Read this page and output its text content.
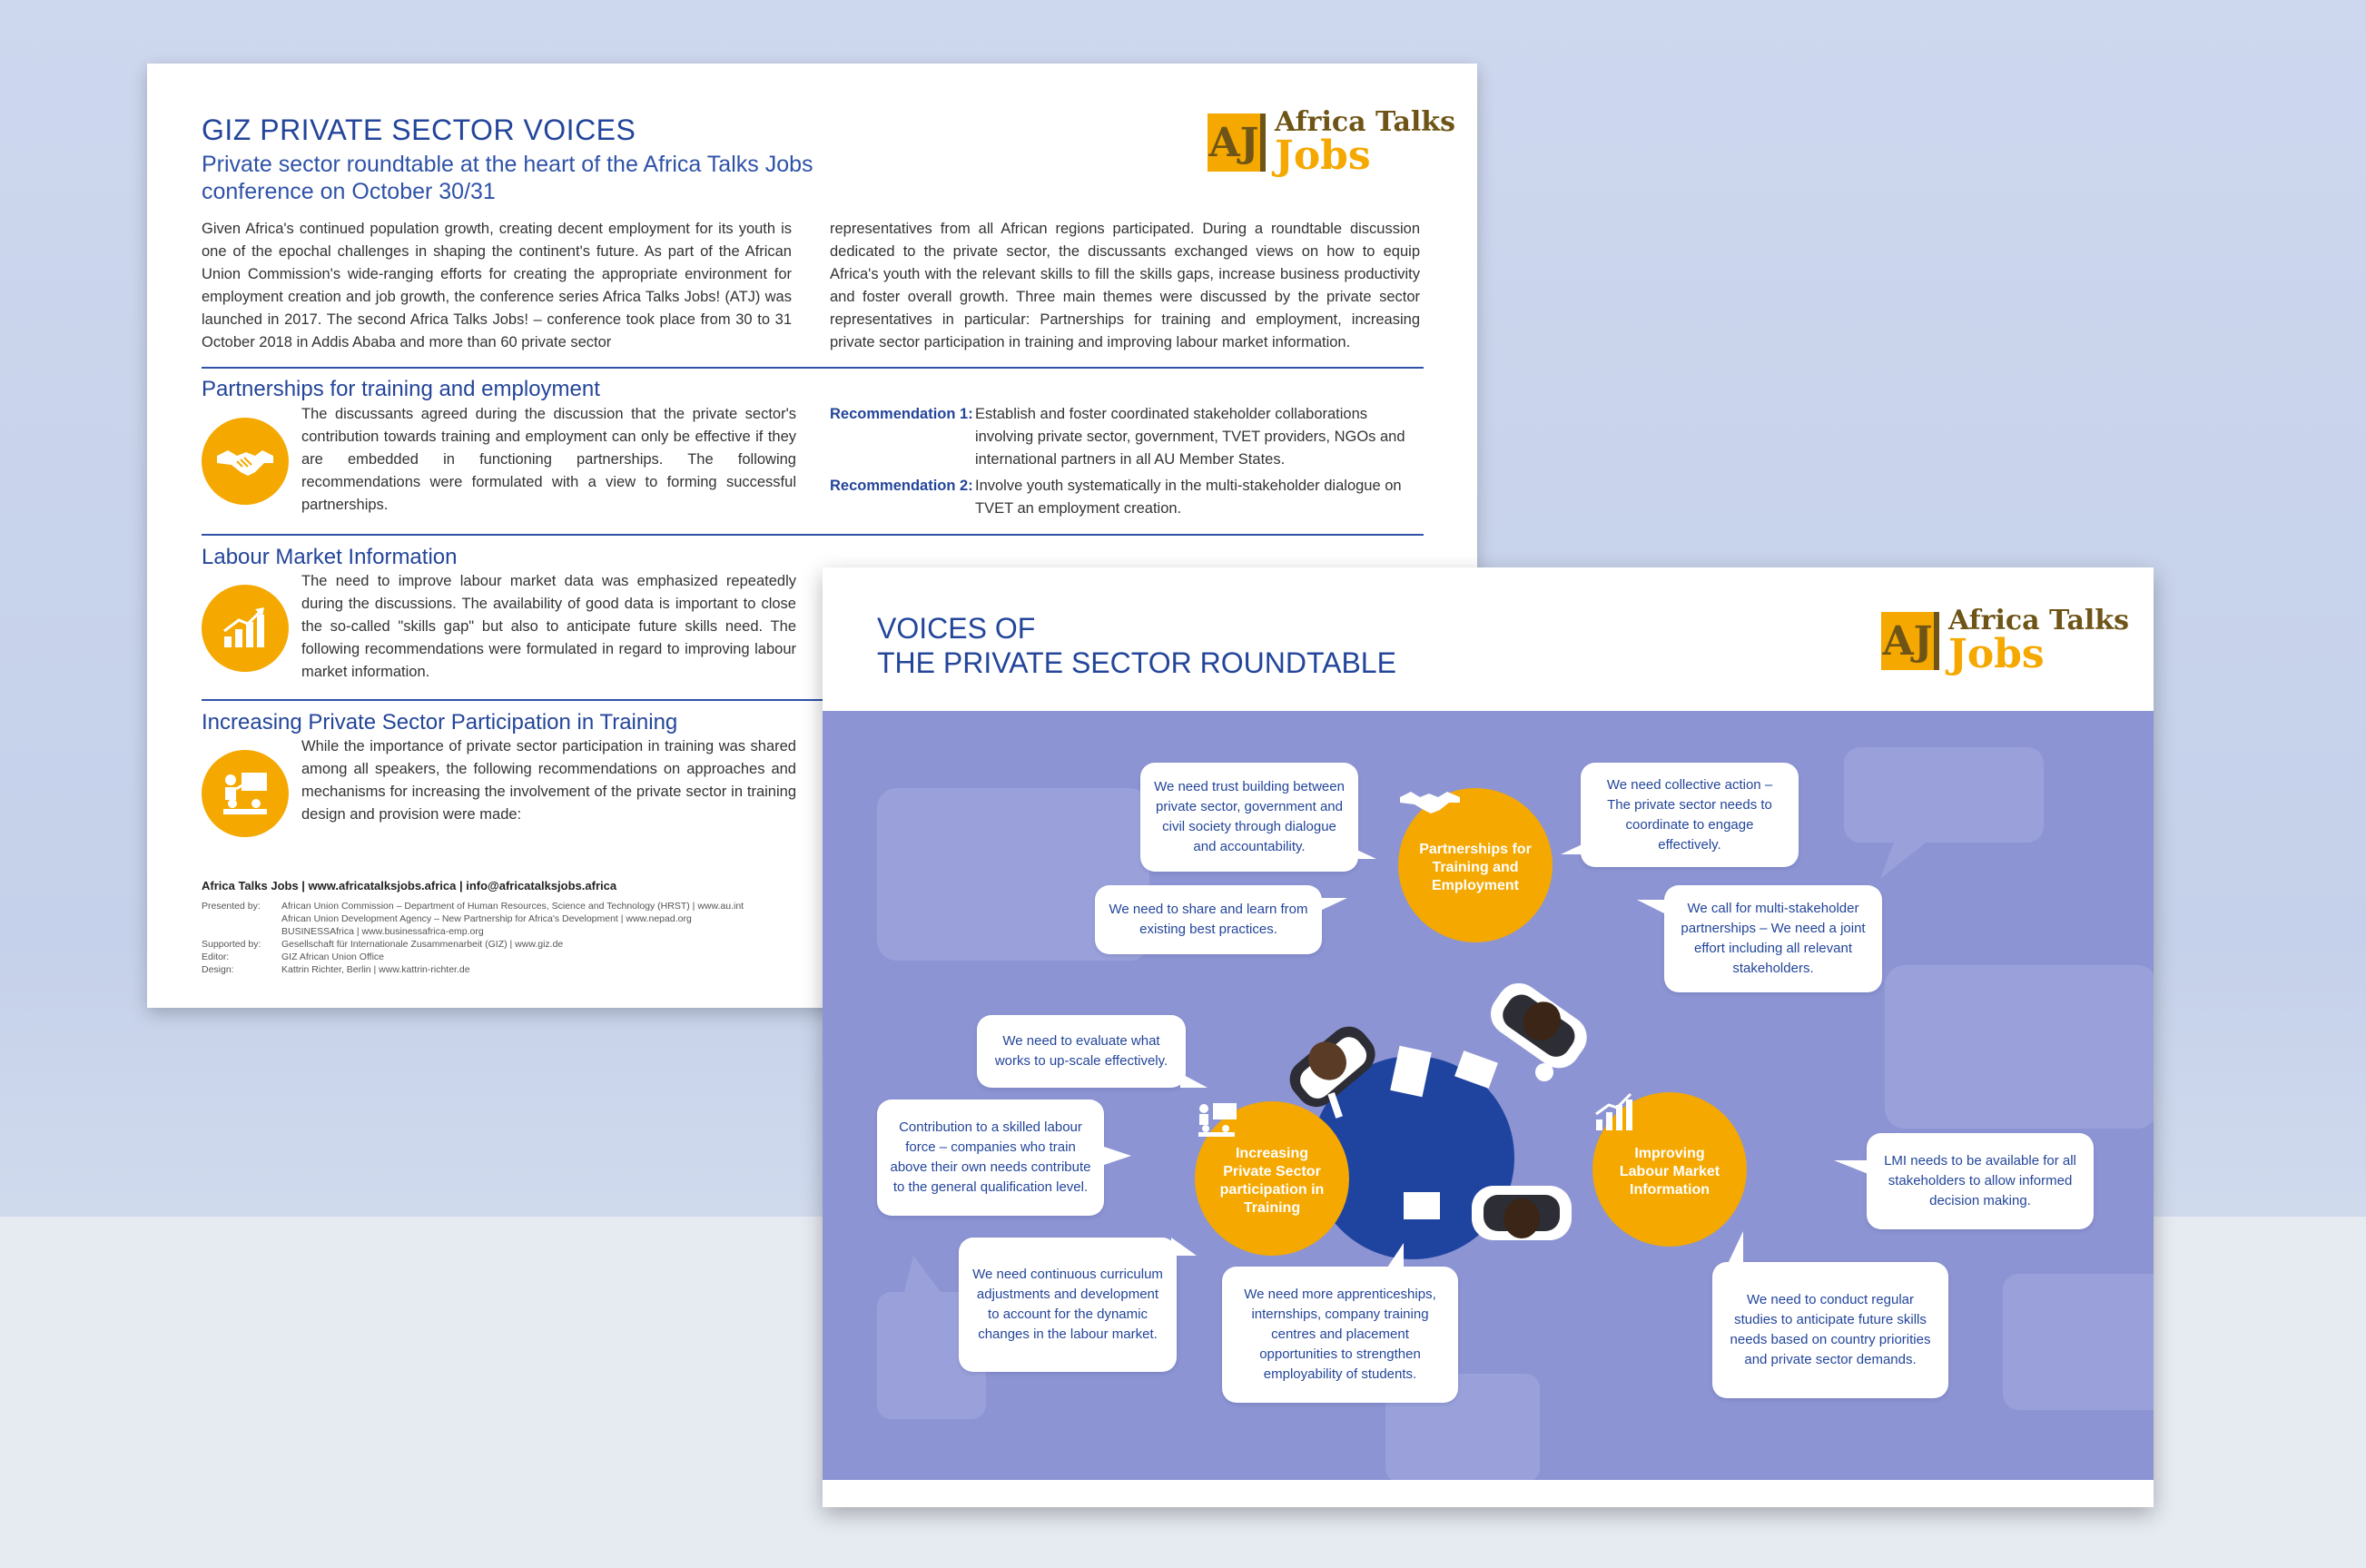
GIZ PRIVATE SECTOR VOICES
Private sector roundtable at the heart of the Africa Talks Jobs conference on October 30/31
AJ Africa Talks
Jobs
Given Africa's continued population growth, creating decent employment for its youth is one of the epochal challenges in shaping the continent's future. As part of the African Union Commission's wide-ranging efforts for creating the appropriate environment for employment creation and job growth, the conference series Africa Talks Jobs! (ATJ) was launched in 2017. The second Africa Talks Jobs! – conference took place from 30 to 31 October 2018 in Addis Ababa and more than 60 private sector
representatives from all African regions participated. During a roundtable discussion dedicated to the private sector, the discussants exchanged views on how to equip Africa's youth with the relevant skills to fill the skills gaps, increase business productivity and foster overall growth. Three main themes were discussed by the private sector representatives in particular: Partnerships for training and employment, increasing private sector participation in training and improving labour market information.
Partnerships for training and employment
The discussants agreed during the discussion that the private sector's contribution towards training and employment can only be effective if they are embedded in functioning partnerships. The following recommendations were formulated with a view to forming successful partnerships.
Recommendation 1: Establish and foster coordinated stakeholder collaborations involving private sector, government, TVET providers, NGOs and international partners in all AU Member States.
Recommendation 2: Involve youth systematically in the multi-stakeholder dialogue on TVET an employment creation.
Labour Market Information
The need to improve labour market data was emphasized repeatedly during the discussions. The availability of good data is important to close the so-called "skills gap" but also to anticipate future skills need. The following recommendations were formulated in regard to improving labour market information.
Increasing Private Sector Participation in Training
While the importance of private sector participation in training was shared among all speakers, the following recommendations on approaches and mechanisms for increasing the involvement of the private sector in training design and provision were made:
Africa Talks Jobs | www.africatalksjobs.africa | info@africatalksjobs.africa
Presented by:	African Union Commission – Department of Human Resources, Science and Technology (HRST) | www.au.int
African Union Development Agency – New Partnership for Africa's Development | www.nepad.org
BUSINESSAfrica | www.businessafrica-emp.org
Supported by:	Gesellschaft für Internationale Zusammenarbeit (GIZ) | www.giz.de
Editor:	GIZ African Union Office
Design:	Kattrin Richter, Berlin | www.kattrin-richter.de
VOICES OF
THE PRIVATE SECTOR ROUNDTABLE	AJ Africa Talks
Jobs
Partnerships for Training and Employment
Increasing Private Sector participation in Training
Improving Labour Market Information
We need trust building between private sector, government and civil society through dialogue and accountability.
We need to share and learn from existing best practices.
We need collective action – The private sector needs to coordinate to engage effectively.
We call for multi-stakeholder partnerships – We need a joint effort including all relevant stakeholders.
We need to evaluate what works to up-scale effectively.
Contribution to a skilled labour force – companies who train above their own needs contribute to the general qualification level.
We need continuous curriculum adjustments and development to account for the dynamic changes in the labour market.
We need more apprenticeships, internships, company training centres and placement opportunities to strengthen employability of students.
LMI needs to be available for all stakeholders to allow informed decision making.
We need to conduct regular studies to anticipate future skills needs based on country priorities and private sector demands.
